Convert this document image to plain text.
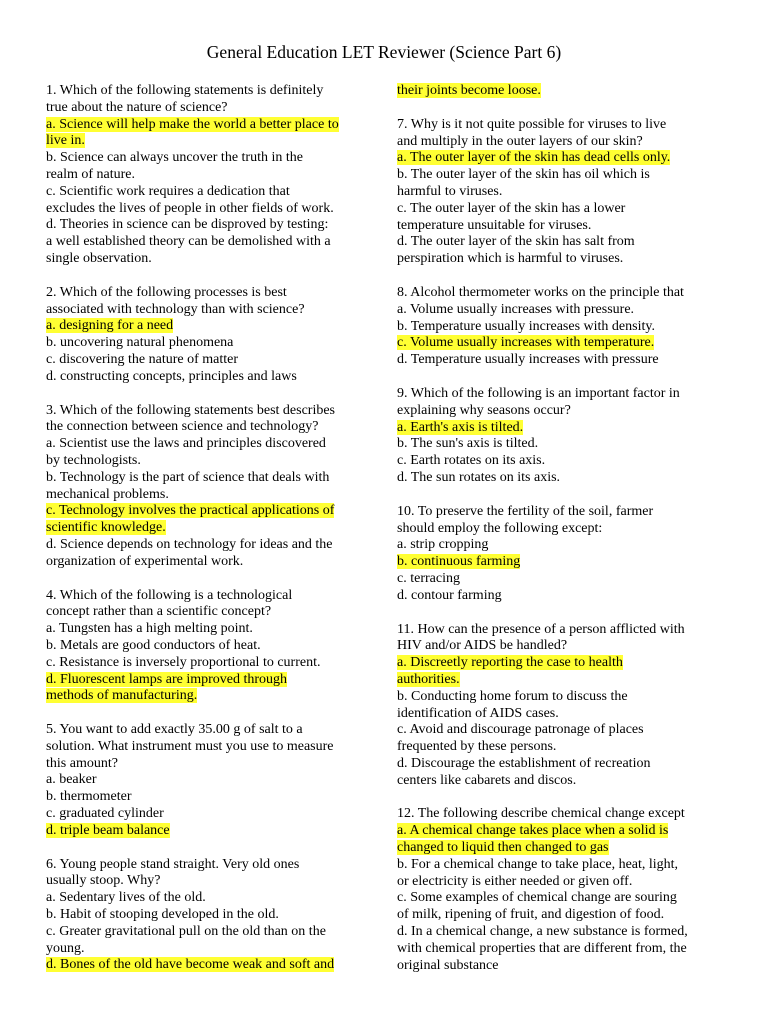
General Education LET Reviewer (Science Part 6)
1. Which of the following statements is definitely
true about the nature of science?
a. Science will help make the world a better place to
live in.
b. Science can always uncover the truth in the
realm of nature.
c. Scientific work requires a dedication that
excludes the lives of people in other fields of work.
d. Theories in science can be disproved by testing:
a well established theory can be demolished with a
single observation.
2. Which of the following processes is best
associated with technology than with science?
a. designing for a need
b. uncovering natural phenomena
c. discovering the nature of matter
d. constructing concepts, principles and laws
3. Which of the following statements best describes
the connection between science and technology?
a. Scientist use the laws and principles discovered
by technologists.
b. Technology is the part of science that deals with
mechanical problems.
c. Technology involves the practical applications of
scientific knowledge.
d. Science depends on technology for ideas and the
organization of experimental work.
4. Which of the following is a technological
concept rather than a scientific concept?
a. Tungsten has a high melting point.
b. Metals are good conductors of heat.
c. Resistance is inversely proportional to current.
d. Fluorescent lamps are improved through
methods of manufacturing.
5. You want to add exactly 35.00 g of salt to a
solution. What instrument must you use to measure
this amount?
a. beaker
b. thermometer
c. graduated cylinder
d. triple beam balance
6. Young people stand straight. Very old ones
usually stoop. Why?
a. Sedentary lives of the old.
b. Habit of stooping developed in the old.
c. Greater gravitational pull on the old than on the
young.
d. Bones of the old have become weak and soft and
their joints become loose.
7. Why is it not quite possible for viruses to live
and multiply in the outer layers of our skin?
a. The outer layer of the skin has dead cells only.
b. The outer layer of the skin has oil which is
harmful to viruses.
c. The outer layer of the skin has a lower
temperature unsuitable for viruses.
d. The outer layer of the skin has salt from
perspiration which is harmful to viruses.
8. Alcohol thermometer works on the principle that
a. Volume usually increases with pressure.
b. Temperature usually increases with density.
c. Volume usually increases with temperature.
d. Temperature usually increases with pressure
9. Which of the following is an important factor in
explaining why seasons occur?
a. Earth's axis is tilted.
b. The sun's axis is tilted.
c. Earth rotates on its axis.
d. The sun rotates on its axis.
10. To preserve the fertility of the soil, farmer
should employ the following except:
a. strip cropping
b. continuous farming
c. terracing
d. contour farming
11. How can the presence of a person afflicted with
HIV and/or AIDS be handled?
a. Discreetly reporting the case to health
authorities.
b. Conducting home forum to discuss the
identification of AIDS cases.
c. Avoid and discourage patronage of places
frequented by these persons.
d. Discourage the establishment of recreation
centers like cabarets and discos.
12. The following describe chemical change except
a. A chemical change takes place when a solid is
changed to liquid then changed to gas
b. For a chemical change to take place, heat, light,
or electricity is either needed or given off.
c. Some examples of chemical change are souring
of milk, ripening of fruit, and digestion of food.
d. In a chemical change, a new substance is formed,
with chemical properties that are different from, the
original substance
